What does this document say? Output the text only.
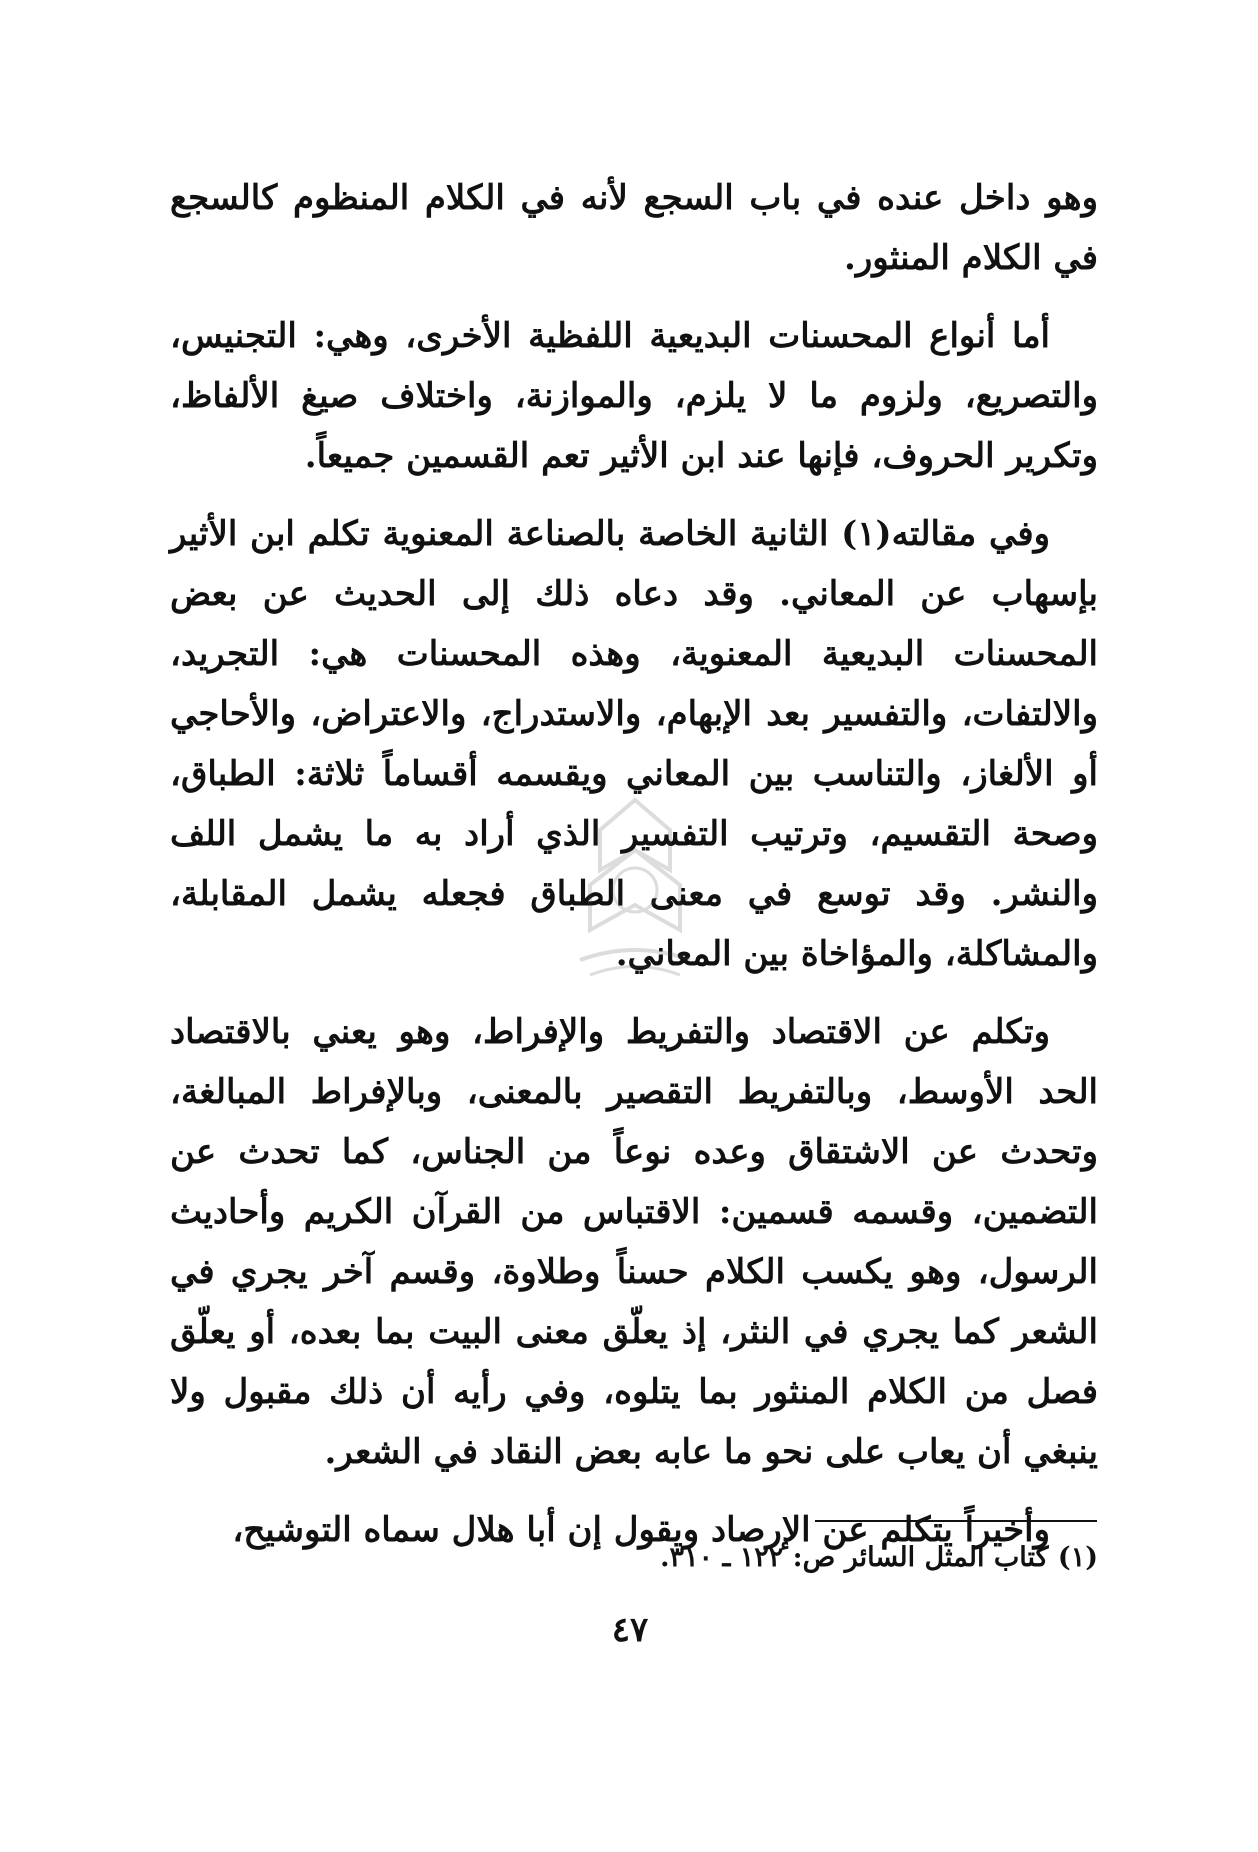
وهو داخل عنده في باب السجع لأنه في الكلام المنظوم كالسجع في الكلام المنثور.

أما أنواع المحسنات البديعية اللفظية الأخرى، وهي: التجنيس، والتصريع، ولزوم ما لا يلزم، والموازنة، واختلاف صيغ الألفاظ، وتكرير الحروف، فإنها عند ابن الأثير تعم القسمين جميعاً.

وفي مقالته(١) الثانية الخاصة بالصناعة المعنوية تكلم ابن الأثير بإسهاب عن المعاني. وقد دعاه ذلك إلى الحديث عن بعض المحسنات البديعية المعنوية، وهذه المحسنات هي: التجريد، والالتفات، والتفسير بعد الإبهام، والاستدراج، والاعتراض، والأحاجي أو الألغاز، والتناسب بين المعاني ويقسمه أقساماً ثلاثة: الطباق، وصحة التقسيم، وترتيب التفسير الذي أراد به ما يشمل اللف والنشر. وقد توسع في معنى الطباق فجعله يشمل المقابلة، والمشاكلة، والمؤاخاة بين المعاني.

وتكلم عن الاقتصاد والتفريط والإفراط، وهو يعني بالاقتصاد الحد الأوسط، وبالتفريط التقصير بالمعنى، وبالإفراط المبالغة، وتحدث عن الاشتقاق وعده نوعاً من الجناس، كما تحدث عن التضمين، وقسمه قسمين: الاقتباس من القرآن الكريم وأحاديث الرسول، وهو يكسب الكلام حسناً وطلاوة، وقسم آخر يجري في الشعر كما يجري في النثر، إذ يعلّق معنى البيت بما بعده، أو يعلّق فصل من الكلام المنثور بما يتلوه، وفي رأيه أن ذلك مقبول ولا ينبغي أن يعاب على نحو ما عابه بعض النقاد في الشعر.

وأخيراً يتكلم عن الإرصاد ويقول إن أبا هلال سماه التوشيح،

(١) كتاب المثل السائر ص: ١٢٢ ـ ٣١٠.
٤٧
